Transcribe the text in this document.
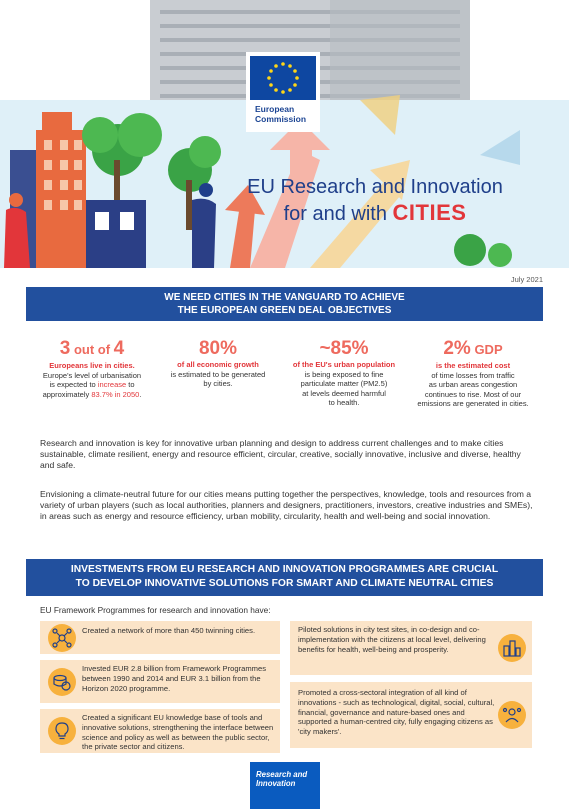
European
Commission
EU Research and Innovation
for and with CITIES
July 2021
WE NEED CITIES IN THE VANGUARD TO ACHIEVE
THE EUROPEAN GREEN DEAL OBJECTIVES
3 out of 4
Europeans live in cities.
Europe's level of urbanisation
is expected to increase to
approximately 83.7% in 2050.
80%
of all economic growth
is estimated to be generated
by cities.
~85%
of the EU's urban population
is being exposed to fine
particulate matter (PM2.5)
at levels deemed harmful
to health.
2% GDP
is the estimated cost
of time losses from traffic
as urban areas congestion
continues to rise. Most of our
emissions are generated in cities.

Research and innovation is key for innovative urban planning and design to address current challenges and to make cities sustainable, climate resilient, energy and resource efficient, circular, creative, socially innovative, inclusive and diverse, healthy and safe.

Envisioning a climate-neutral future for our cities means putting together the perspectives, knowledge, tools and resources from a variety of urban players (such as local authorities, planners and designers, practitioners, investors, creative industries and SMEs), in areas such as energy and resource efficiency, urban mobility, circularity, health and well-being and social innovation.

INVESTMENTS FROM EU RESEARCH AND INNOVATION PROGRAMMES ARE CRUCIAL
TO DEVELOP INNOVATIVE SOLUTIONS FOR SMART AND CLIMATE NEUTRAL CITIES
EU Framework Programmes for research and innovation have:
Created a network of more than 450 twinning cities.
Invested EUR 2.8 billion from Framework Programmes between 1990 and 2014 and EUR 3.1 billion from the Horizon 2020 programme.
Created a significant EU knowledge base of tools and innovative solutions, strengthening the interface between science and policy as well as between the public sector, the private sector and citizens.
Piloted solutions in city test sites, in co-design and co-implementation with the citizens at local level, delivering benefits for health, well-being and prosperity.
Promoted a cross-sectoral integration of all kind of innovations - such as technological, digital, social, cultural, financial, governance and nature-based ones and supported a human-centred city, fully engaging citizens as 'city makers'.
Research and
Innovation
